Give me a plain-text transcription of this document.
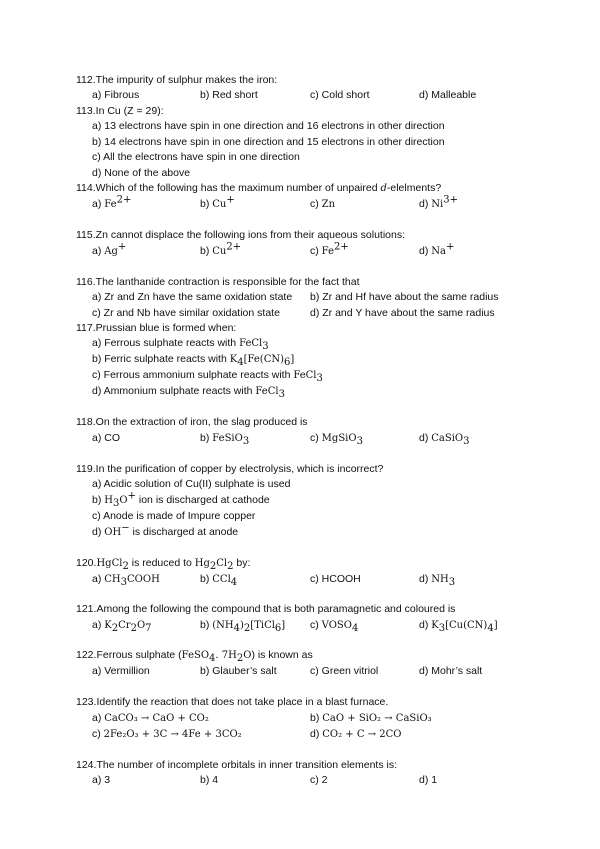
112.The impurity of sulphur makes the iron:
a) Fibrous	b) Red short	c) Cold short	d) Malleable
113.In Cu (Z = 29):
a) 13 electrons have spin in one direction and 16 electrons in other direction
b) 14 electrons have spin in one direction and 15 electrons in other direction
c) All the electrons have spin in one direction
d) None of the above
114.Which of the following has the maximum number of unpaired d-elelments?
a) $Fe^{2+}$	b) Cu+	c) Zn	d) $Ni^{3+}$
115.Zn cannot displace the following ions from their aqueous solutions:
a) Ag+	b) $Cu^{2+}$	c) $Fe^{2+}$	d) Na+
116.The lanthanide contraction is responsible for the fact that
a) Zr and Zn have the same oxidation state b) Zr and Hf have about the same radius
c) Zr and Nb have similar oxidation state	d) Zr and Y have about the same radius
117.Prussian blue is formed when:
a) Ferrous sulphate reacts with FeCl$_3$
b) Ferric sulphate reacts with $K_4[Fe(CN)_6]$
c) Ferrous ammonium sulphate reacts with FeCl$_3$
d) Ammonium sulphate reacts with FeCl$_3$
118.On the extraction of iron, the slag produced is
a) CO	b) FeSiO$_3$	c) MgSiO$_3$	d) CaSiO$_3$
119.In the purification of copper by electrolysis, which is incorrect?
a) Acidic solution of Cu(II) sulphate is used
b) $H_3O^+$ ion is discharged at cathode
c) Anode is made of Impure copper
d) OH− is discharged at anode
120.HgCl$_2$ is reduced to $Hg_2Cl_2$ by:
a) $CH_3COOH$	b) CCl$_4$	c) HCOOH	d) $NH_3$
121.Among the following the compound that is both paramagnetic and coloured is
a) $K_2Cr_2O_7$	b) $(NH_4)_2[TiCl_6]$ c) $VOSO_4$	d) $K_3[Cu(CN)_4]$
122.Ferrous sulphate (FeSO$_4$. $7H_2O$) is known as
a) Vermillion	b) Glauber’s salt	c) Green vitriol	d) Mohr’s salt
123.Identify the reaction that does not take place in a blast furnace.
a) CaCO₃ → CaO + CO₂	b) CaO + SiO₂ → CaSiO₃
c) 2Fe₂O₃ + 3C → 4Fe + 3CO₂	d) CO₂ + C → 2CO
124.The number of incomplete orbitals in inner transition elements is:
a) 3	b) 4	c) 2	d) 1
